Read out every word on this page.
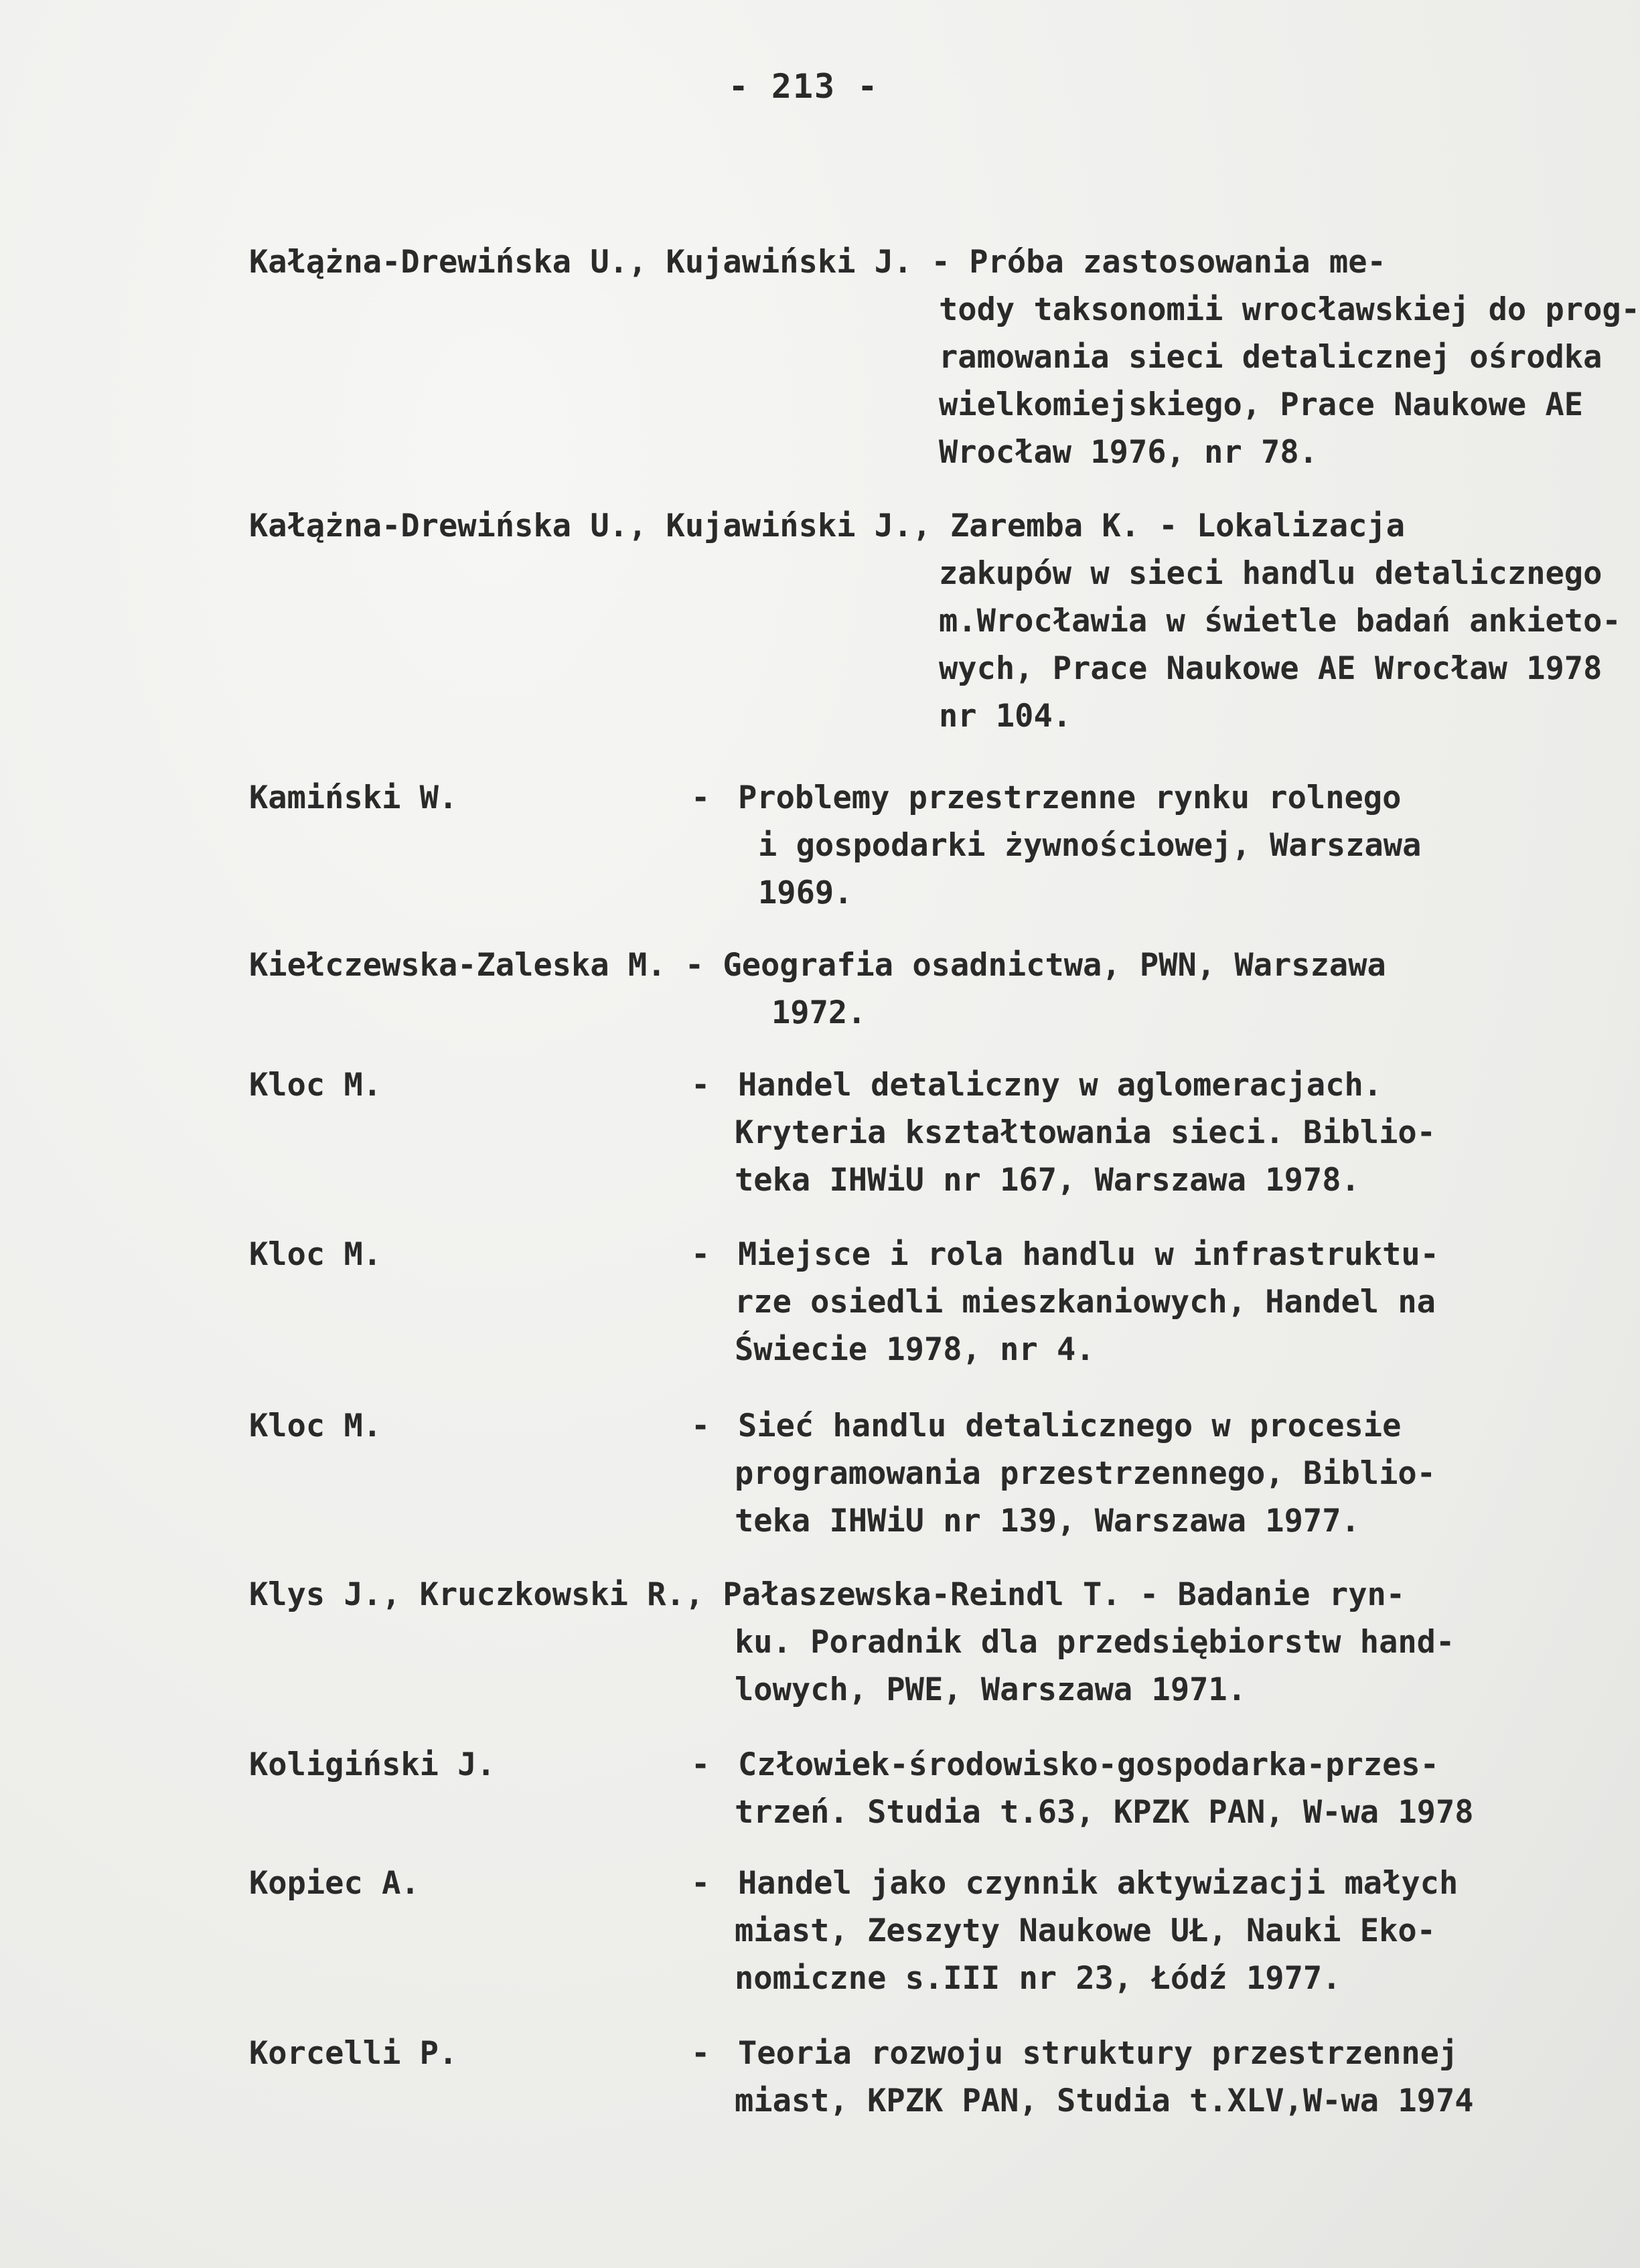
- 213 -
Kałążna-Drewińska U., Kujawiński J. - Próba zastosowania me-
tody taksonomii wrocławskiej do prog-
ramowania sieci detalicznej ośrodka
wielkomiejskiego, Prace Naukowe AE
Wrocław 1976, nr 78.
Kałążna-Drewińska U., Kujawiński J., Zaremba K. - Lokalizacja
zakupów w sieci handlu detalicznego
m.Wrocławia w świetle badań ankieto-
wych, Prace Naukowe AE Wrocław 1978
nr 104.
Kamiński W.	- Problemy przestrzenne rynku rolnego
i gospodarki żywnościowej, Warszawa
1969.
Kiełczewska-Zaleska M. - Geografia osadnictwa, PWN, Warszawa
1972.
Kloc M.	- Handel detaliczny w aglomeracjach.
Kryteria kształtowania sieci. Biblio-
teka IHWiU nr 167, Warszawa 1978.
Kloc M.	- Miejsce i rola handlu w infrastruktu-
rze osiedli mieszkaniowych, Handel na
Świecie 1978, nr 4.
Kloc M.	- Sieć handlu detalicznego w procesie
programowania przestrzennego, Biblio-
teka IHWiU nr 139, Warszawa 1977.
Klys J., Kruczkowski R., Pałaszewska-Reindl T. - Badanie ryn-
ku. Poradnik dla przedsiębiorstw hand-
lowych, PWE, Warszawa 1971.
Koligiński J.	- Człowiek-środowisko-gospodarka-przes-
trzeń. Studia t.63, KPZK PAN, W-wa 1978
Kopiec A.	- Handel jako czynnik aktywizacji małych
miast, Zeszyty Naukowe UŁ, Nauki Eko-
nomiczne s.III nr 23, Łódź 1977.
Korcelli P.	- Teoria rozwoju struktury przestrzennej
miast, KPZK PAN, Studia t.XLV,W-wa 1974
